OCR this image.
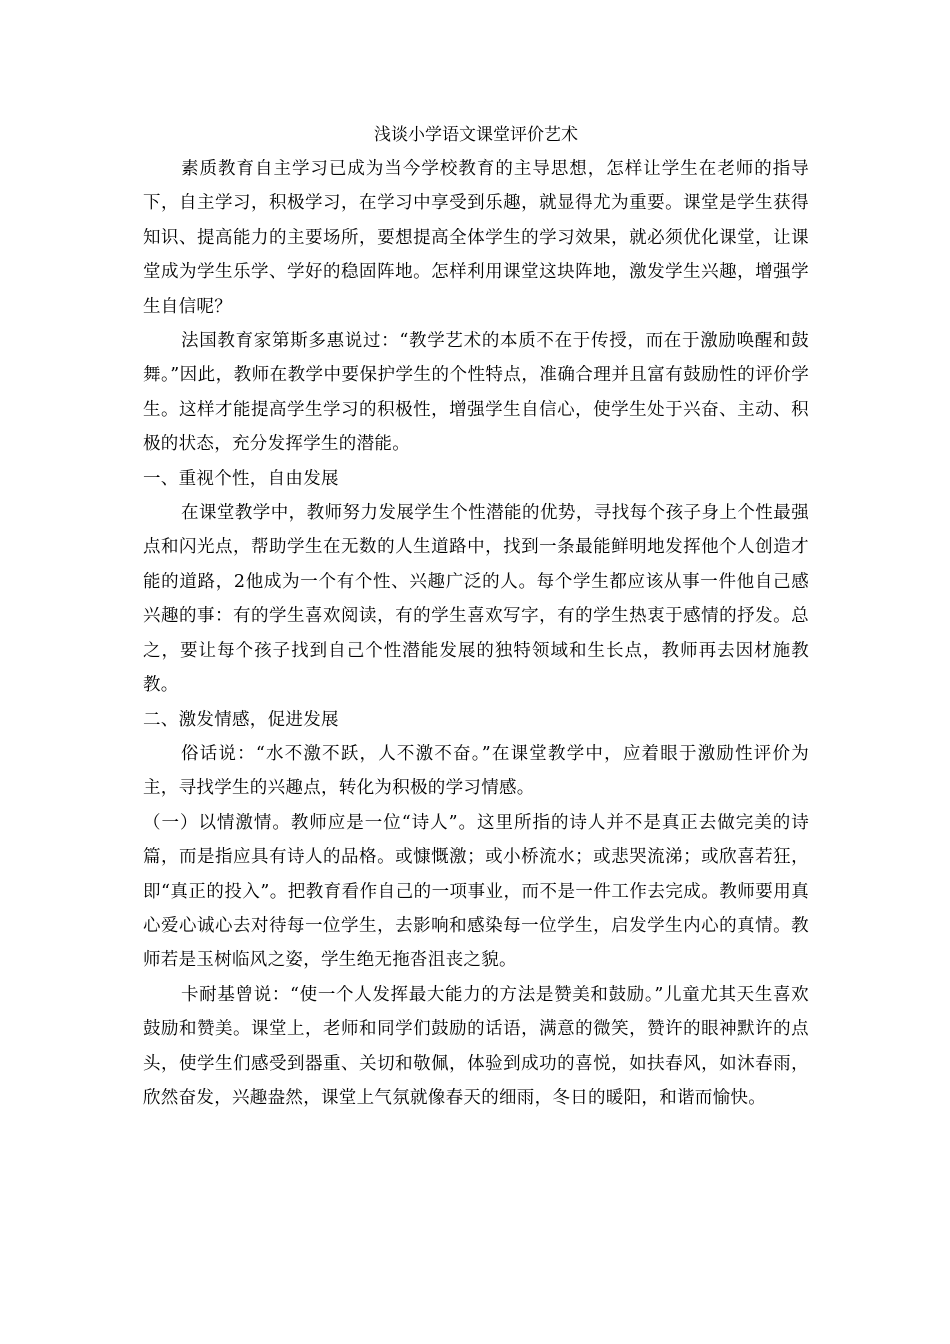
浅谈小学语文课堂评价艺术

素质教育自主学习已成为当今学校教育的主导思想，怎样让学生在老师的指导下，自主学习，积极学习，在学习中享受到乐趣，就显得尤为重要。课堂是学生获得知识、提高能力的主要场所，要想提高全体学生的学习效果，就必须优化课堂，让课堂成为学生乐学、学好的稳固阵地。怎样利用课堂这块阵地，激发学生兴趣，增强学生自信呢？

法国教育家第斯多惠说过：“教学艺术的本质不在于传授，而在于激励唤醒和鼓舞。”因此，教师在教学中要保护学生的个性特点，准确合理并且富有鼓励性的评价学生。这样才能提高学生学习的积极性，增强学生自信心，使学生处于兴奋、主动、积极的状态，充分发挥学生的潜能。

一、重视个性，自由发展

在课堂教学中，教师努力发展学生个性潜能的优势，寻找每个孩子身上个性最强点和闪光点，帮助学生在无数的人生道路中，找到一条最能鲜明地发挥他个人创造才能的道路，2他成为一个有个性、兴趣广泛的人。每个学生都应该从事一件他自己感兴趣的事：有的学生喜欢阅读，有的学生喜欢写字，有的学生热衷于感情的抒发。总之，要让每个孩子找到自己个性潜能发展的独特领域和生长点，教师再去因材施教教。

二、激发情感，促进发展

俗话说：“水不激不跃，人不激不奋。”在课堂教学中，应着眼于激励性评价为主，寻找学生的兴趣点，转化为积极的学习情感。

（一）以情激情。教师应是一位“诗人”。这里所指的诗人并不是真正去做完美的诗篇，而是指应具有诗人的品格。或慷慨激；或小桥流水；或悲哭流涕；或欣喜若狂，即“真正的投入”。把教育看作自己的一项事业，而不是一件工作去完成。教师要用真心爱心诚心去对待每一位学生，去影响和感染每一位学生，启发学生内心的真情。教师若是玉树临风之姿，学生绝无拖沓沮丧之貌。

卡耐基曾说：“使一个人发挥最大能力的方法是赞美和鼓励。”儿童尤其天生喜欢鼓励和赞美。课堂上，老师和同学们鼓励的话语，满意的微笑，赞许的眼神默许的点头，使学生们感受到器重、关切和敬佩，体验到成功的喜悦，如扶春风，如沐春雨，欣然奋发，兴趣盎然，课堂上气氛就像春天的细雨，冬日的暖阳，和谐而愉快。
